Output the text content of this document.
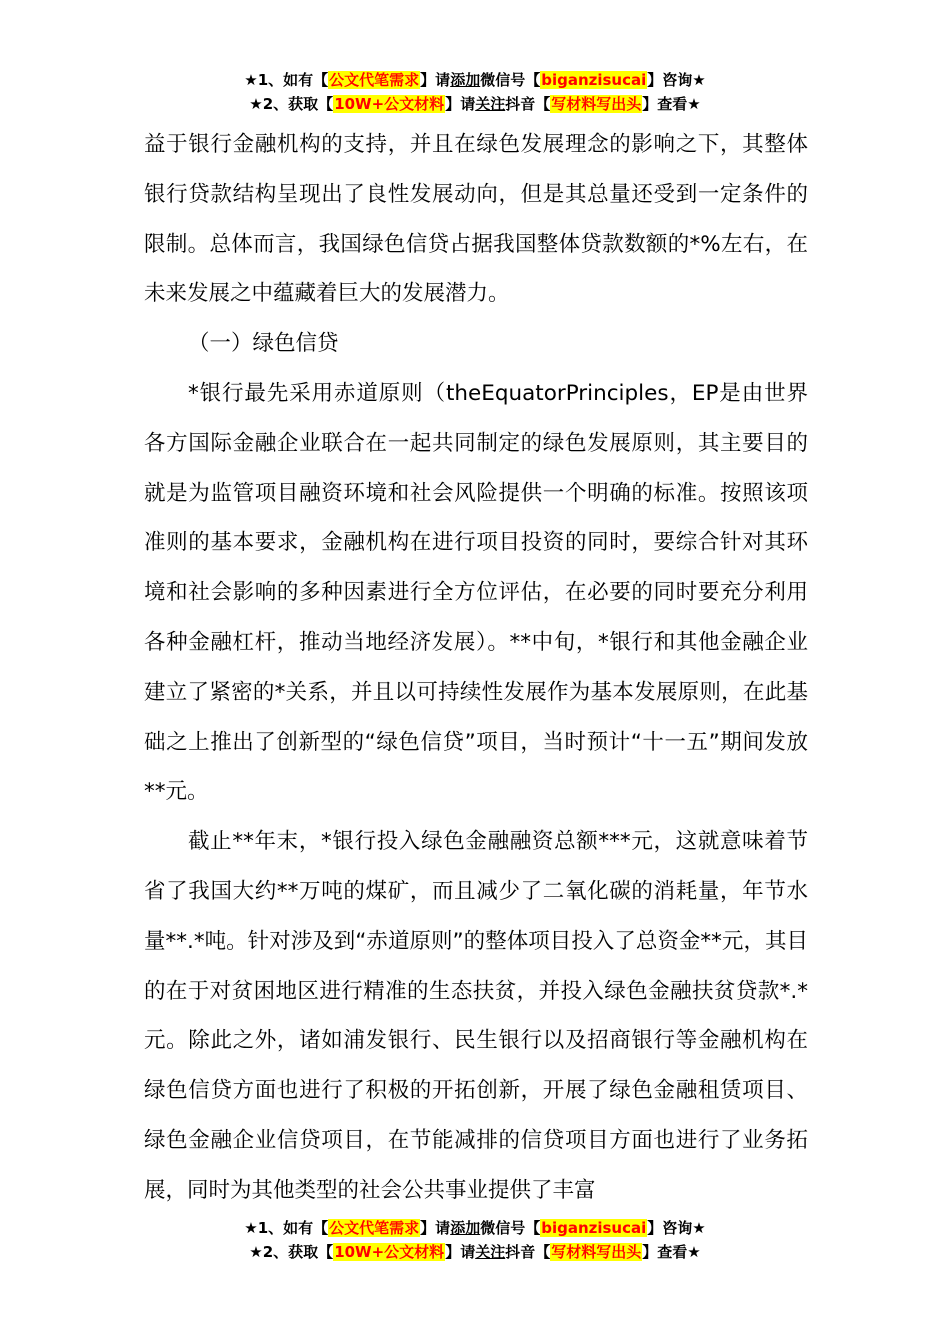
★1、如有【公文代笔需求】请添加微信号【biganzisucai】咨询★
★2、获取【10W+公文材料】请关注抖音【写材料写出头】查看★

益于银行金融机构的支持，并且在绿色发展理念的影响之下，其整体银行贷款结构呈现出了良性发展动向，但是其总量还受到一定条件的限制。总体而言，我国绿色信贷占据我国整体贷款数额的*%左右，在未来发展之中蕴藏着巨大的发展潜力。

（一）绿色信贷

*银行最先采用赤道原则（theEquatorPrinciples，EP是由世界各方国际金融企业联合在一起共同制定的绿色发展原则，其主要目的就是为监管项目融资环境和社会风险提供一个明确的标准。按照该项准则的基本要求，金融机构在进行项目投资的同时，要综合针对其环境和社会影响的多种因素进行全方位评估，在必要的同时要充分利用各种金融杠杆，推动当地经济发展）。**中旬，*银行和其他金融企业建立了紧密的*关系，并且以可持续性发展作为基本发展原则，在此基础之上推出了创新型的“绿色信贷”项目，当时预计“十一五”期间发放**元。

截止**年末，*银行投入绿色金融融资总额***元，这就意味着节省了我国大约**万吨的煤矿，而且减少了二氧化碳的消耗量，年节水量**.*吨。针对涉及到“赤道原则”的整体项目投入了总资金**元，其目的在于对贫困地区进行精准的生态扶贫，并投入绿色金融扶贫贷款*.*元。除此之外，诸如浦发银行、民生银行以及招商银行等金融机构在绿色信贷方面也进行了积极的开拓创新，开展了绿色金融租赁项目、绿色金融企业信贷项目，在节能减排的信贷项目方面也进行了业务拓展，同时为其他类型的社会公共事业提供了丰富

★1、如有【公文代笔需求】请添加微信号【biganzisucai】咨询★
★2、获取【10W+公文材料】请关注抖音【写材料写出头】查看★
